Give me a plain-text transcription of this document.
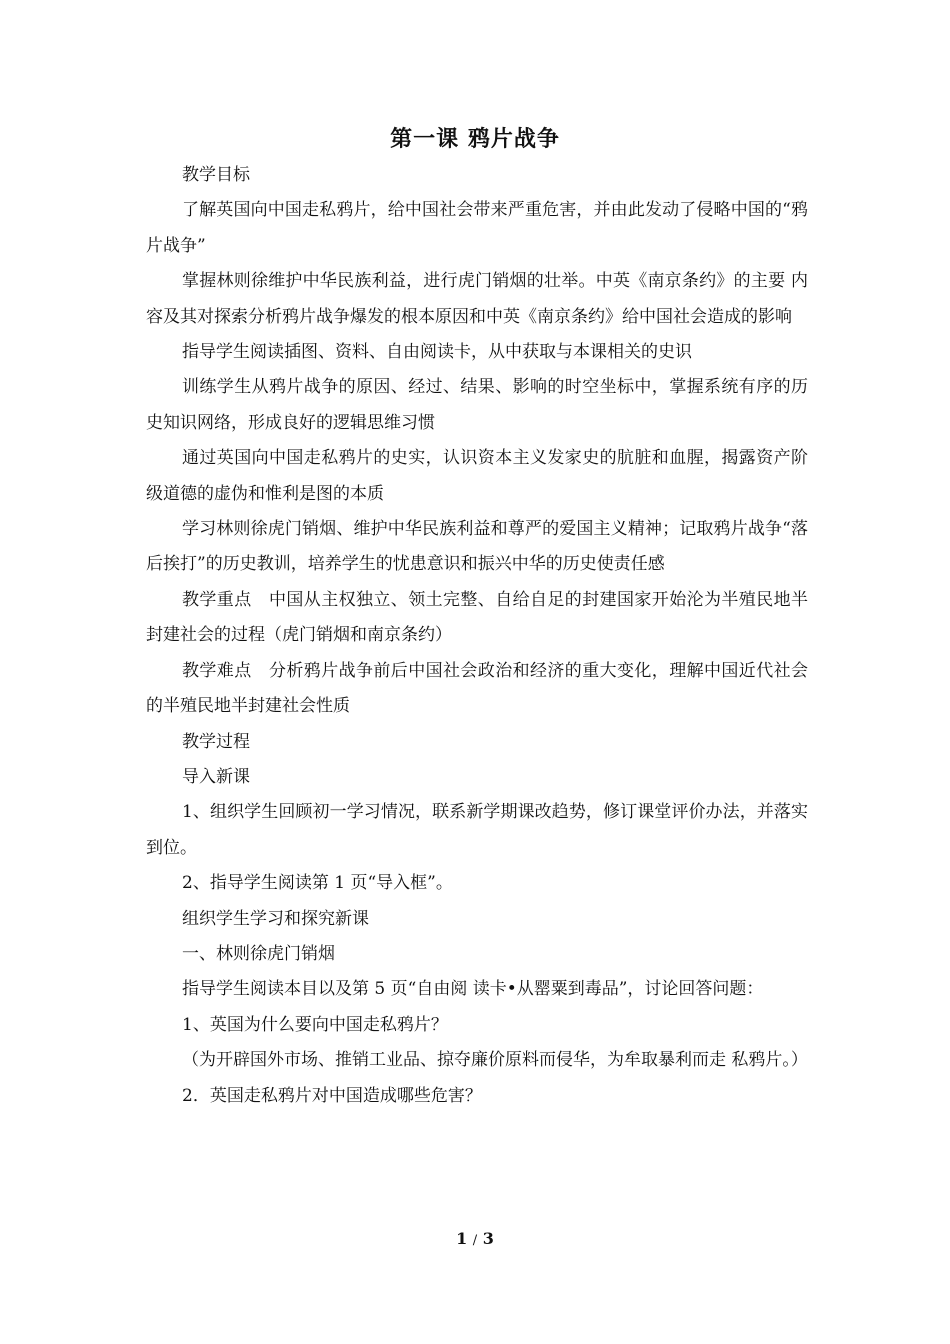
第一课 鸦片战争

教学目标

了解英国向中国走私鸦片，给中国社会带来严重危害，并由此发动了侵略中国的“鸦片战争”

掌握林则徐维护中华民族利益，进行虎门销烟的壮举。中英《南京条约》的主要 内容及其对探索分析鸦片战争爆发的根本原因和中英《南京条约》给中国社会造成的影响

指导学生阅读插图、资料、自由阅读卡，从中获取与本课相关的史识

训练学生从鸦片战争的原因、经过、结果、影响的时空坐标中，掌握系统有序的历史知识网络，形成良好的逻辑思维习惯

通过英国向中国走私鸦片的史实，认识资本主义发家史的肮脏和血腥，揭露资产阶级道德的虚伪和惟利是图的本质

学习林则徐虎门销烟、维护中华民族利益和尊严的爱国主义精神；记取鸦片战争“落后挨打”的历史教训，培养学生的忧患意识和振兴中华的历史使责任感

教学重点　中国从主权独立、领土完整、自给自足的封建国家开始沦为半殖民地半封建社会的过程（虎门销烟和南京条约）

教学难点　分析鸦片战争前后中国社会政治和经济的重大变化，理解中国近代社会的半殖民地半封建社会性质

教学过程

导入新课

1、组织学生回顾初一学习情况，联系新学期课改趋势，修订课堂评价办法，并落实到位。

2、指导学生阅读第 1 页“导入框”。

组织学生学习和探究新课

一、林则徐虎门销烟

指导学生阅读本目以及第 5 页“自由阅 读卡•从罂粟到毒品”，讨论回答问题：

1、英国为什么要向中国走私鸦片？

（为开辟国外市场、推销工业品、掠夺廉价原料而侵华，为牟取暴利而走 私鸦片。）

2．英国走私鸦片对中国造成哪些危害？

1 / 3
